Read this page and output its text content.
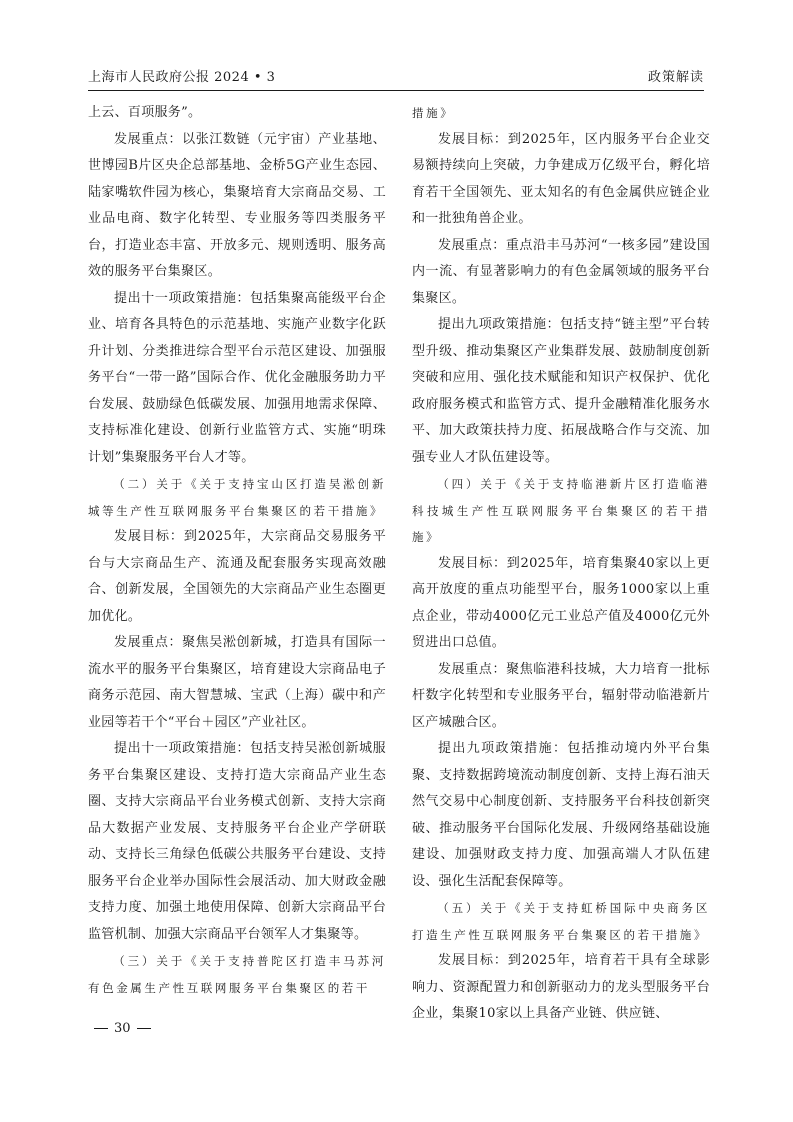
上海市人民政府公报 2024 • 3	政策解读

上云、百项服务”。

发展重点：以张江数链（元宇宙）产业基地、世博园B片区央企总部基地、金桥5G产业生态园、陆家嘴软件园为核心，集聚培育大宗商品交易、工业品电商、数字化转型、专业服务等四类服务平台，打造业态丰富、开放多元、规则透明、服务高效的服务平台集聚区。

提出十一项政策措施：包括集聚高能级平台企业、培育各具特色的示范基地、实施产业数字化跃升计划、分类推进综合型平台示范区建设、加强服务平台“一带一路”国际合作、优化金融服务助力平台发展、鼓励绿色低碳发展、加强用地需求保障、支持标准化建设、创新行业监管方式、实施“明珠计划”集聚服务平台人才等。

（二）关于《关于支持宝山区打造吴淞创新城等生产性互联网服务平台集聚区的若干措施》

发展目标：到2025年，大宗商品交易服务平台与大宗商品生产、流通及配套服务实现高效融合、创新发展，全国领先的大宗商品产业生态圈更加优化。

发展重点：聚焦吴淞创新城，打造具有国际一流水平的服务平台集聚区，培育建设大宗商品电子商务示范园、南大智慧城、宝武（上海）碳中和产业园等若干个“平台＋园区”产业社区。

提出十一项政策措施：包括支持吴淞创新城服务平台集聚区建设、支持打造大宗商品产业生态圈、支持大宗商品平台业务模式创新、支持大宗商品大数据产业发展、支持服务平台企业产学研联动、支持长三角绿色低碳公共服务平台建设、支持服务平台企业举办国际性会展活动、加大财政金融支持力度、加强土地使用保障、创新大宗商品平台监管机制、加强大宗商品平台领军人才集聚等。

（三）关于《关于支持普陀区打造丰马苏河有色金属生产性互联网服务平台集聚区的若干

措施》

发展目标：到2025年，区内服务平台企业交易额持续向上突破，力争建成万亿级平台，孵化培育若干全国领先、亚太知名的有色金属供应链企业和一批独角兽企业。

发展重点：重点沿丰马苏河“一核多园”建设国内一流、有显著影响力的有色金属领域的服务平台集聚区。

提出九项政策措施：包括支持“链主型”平台转型升级、推动集聚区产业集群发展、鼓励制度创新突破和应用、强化技术赋能和知识产权保护、优化政府服务模式和监管方式、提升金融精准化服务水平、加大政策扶持力度、拓展战略合作与交流、加强专业人才队伍建设等。

（四）关于《关于支持临港新片区打造临港科技城生产性互联网服务平台集聚区的若干措施》

发展目标：到2025年，培育集聚40家以上更高开放度的重点功能型平台，服务1000家以上重点企业，带动4000亿元工业总产值及4000亿元外贸进出口总值。

发展重点：聚焦临港科技城，大力培育一批标杆数字化转型和专业服务平台，辐射带动临港新片区产城融合区。

提出九项政策措施：包括推动境内外平台集聚、支持数据跨境流动制度创新、支持上海石油天然气交易中心制度创新、支持服务平台科技创新突破、推动服务平台国际化发展、升级网络基础设施建设、加强财政支持力度、加强高端人才队伍建设、强化生活配套保障等。

（五）关于《关于支持虹桥国际中央商务区打造生产性互联网服务平台集聚区的若干措施》

发展目标：到2025年，培育若干具有全球影响力、资源配置力和创新驱动力的龙头型服务平台企业，集聚10家以上具备产业链、供应链、

30
